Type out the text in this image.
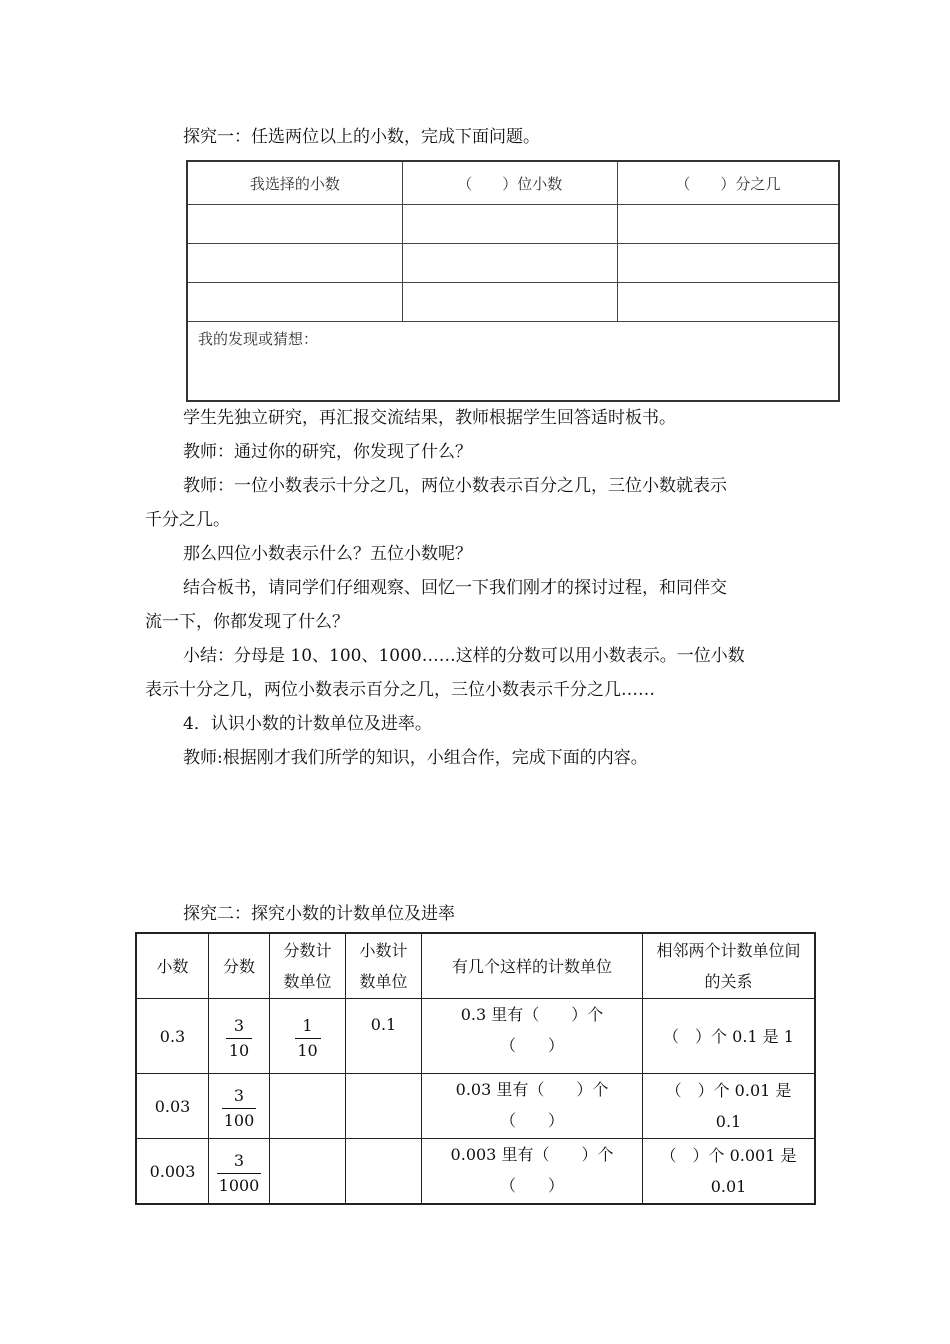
探究一：任选两位以上的小数，完成下面问题。
我选择的小数	（　　）位小数	（　　）分之几

我的发现或猜想：		
学生先独立研究，再汇报交流结果，教师根据学生回答适时板书。
教师：通过你的研究，你发现了什么？
教师：一位小数表示十分之几，两位小数表示百分之几，三位小数就表示
千分之几。
那么四位小数表示什么？五位小数呢？
结合板书，请同学们仔细观察、回忆一下我们刚才的探讨过程，和同伴交
流一下，你都发现了什么？
小结：分母是 10、100、1000……这样的分数可以用小数表示。一位小数
表示十分之几，两位小数表示百分之几，三位小数表示千分之几……
4．认识小数的计数单位及进率。
教师:根据刚才我们所学的知识，小组合作，完成下面的内容。
探究二：探究小数的计数单位及进率
小数	分数	分数计数单位	小数计数单位	有几个这样的计数单位	相邻两个计数单位间的关系

0.3	$\frac{3}{10}$	$\frac{1}{10}$	0.1	0.3 里有（　　）个（　　）	（　）个 0.1 是 1

0.03	$\frac{3}{100}$			0.03 里有（　　）个（　　）	（　）个 0.01 是 0.1

0.003	$\frac{3}{1000}$			0.003 里有（　　）个（　　）	（　）个 0.001 是 0.01
